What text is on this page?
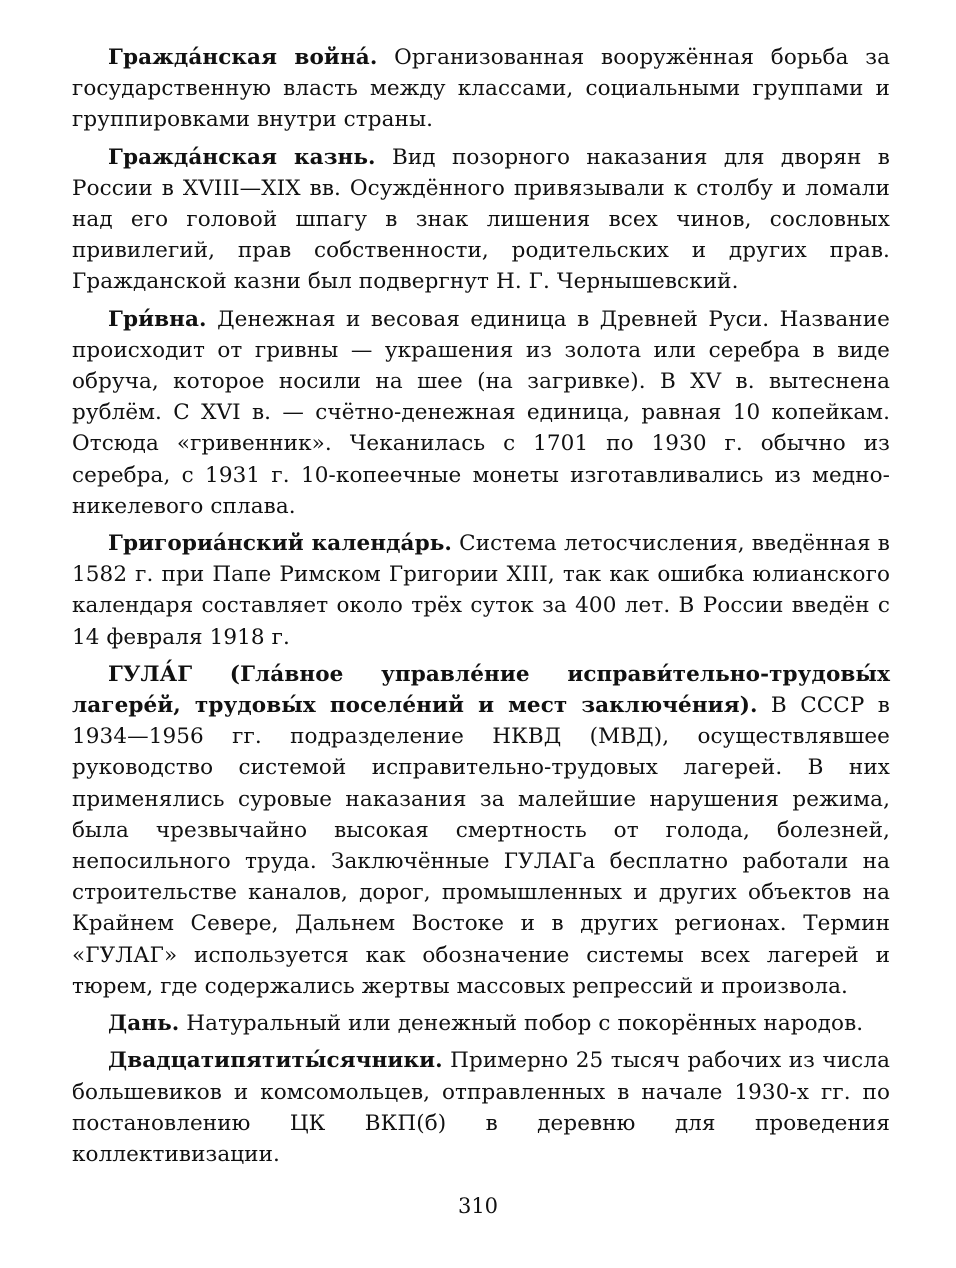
Гражда́нская война́. Организованная вооружённая борьба за государственную власть между классами, социальными группами и группировками внутри страны.

Гражда́нская казнь. Вид позорного наказания для дворян в России в XVIII—XIX вв. Осуждённого привязывали к столбу и ломали над его головой шпагу в знак лишения всех чинов, сословных привилегий, прав собственности, родительских и других прав. Гражданской казни был подвергнут Н. Г. Чернышевский.

Гри́вна. Денежная и весовая единица в Древней Руси. Название происходит от гривны — украшения из золота или серебра в виде обруча, которое носили на шее (на загривке). В XV в. вытеснена рублём. С XVI в. — счётно-денежная единица, равная 10 копейкам. Отсюда «гривенник». Чеканилась с 1701 по 1930 г. обычно из серебра, с 1931 г. 10-копеечные монеты изготавливались из медно-никелевого сплава.

Григориа́нский календа́рь. Система летосчисления, введённая в 1582 г. при Папе Римском Григории XIII, так как ошибка юлианского календаря составляет около трёх суток за 400 лет. В России введён с 14 февраля 1918 г.

ГУЛА́Г (Гла́вное управле́ние исправи́тельно-трудовы́х лагере́й, трудовы́х поселе́ний и мест заключе́ния). В СССР в 1934—1956 гг. подразделение НКВД (МВД), осуществлявшее руководство системой исправительно-трудовых лагерей. В них применялись суровые наказания за малейшие нарушения режима, была чрезвычайно высокая смертность от голода, болезней, непосильного труда. Заключённые ГУЛАГа бесплатно работали на строительстве каналов, дорог, промышленных и других объектов на Крайнем Севере, Дальнем Востоке и в других регионах. Термин «ГУЛАГ» используется как обозначение системы всех лагерей и тюрем, где содержались жертвы массовых репрессий и произвола.

Дань. Натуральный или денежный побор с покорённых народов.

Двадцатипятиты́сячники. Примерно 25 тысяч рабочих из числа большевиков и комсомольцев, отправленных в начале 1930-х гг. по постановлению ЦК ВКП(б) в деревню для проведения коллективизации.

310
